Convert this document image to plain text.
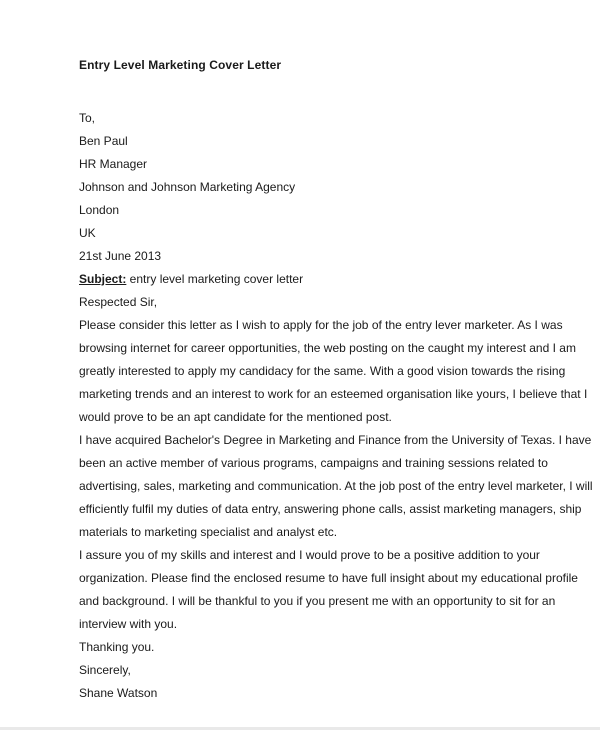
Entry Level Marketing Cover Letter
To,
Ben Paul
HR Manager
Johnson and Johnson Marketing Agency
London
UK
21st June 2013
Subject: entry level marketing cover letter
Respected Sir,
Please consider this letter as I wish to apply for the job of the entry lever marketer. As I was
browsing internet for career opportunities, the web posting on the caught my interest and I am
greatly interested to apply my candidacy for the same. With a good vision towards the rising
marketing trends and an interest to work for an esteemed organisation like yours, I believe that I
would prove to be an apt candidate for the mentioned post.
I have acquired Bachelor's Degree in Marketing and Finance from the University of Texas. I have
been an active member of various programs, campaigns and training sessions related to
advertising, sales, marketing and communication. At the job post of the entry level marketer, I will
efficiently fulfil my duties of data entry, answering phone calls, assist marketing managers, ship
materials to marketing specialist and analyst etc.
I assure you of my skills and interest and I would prove to be a positive addition to your
organization. Please find the enclosed resume to have full insight about my educational profile
and background. I will be thankful to you if you present me with an opportunity to sit for an
interview with you.
Thanking you.
Sincerely,
Shane Watson
